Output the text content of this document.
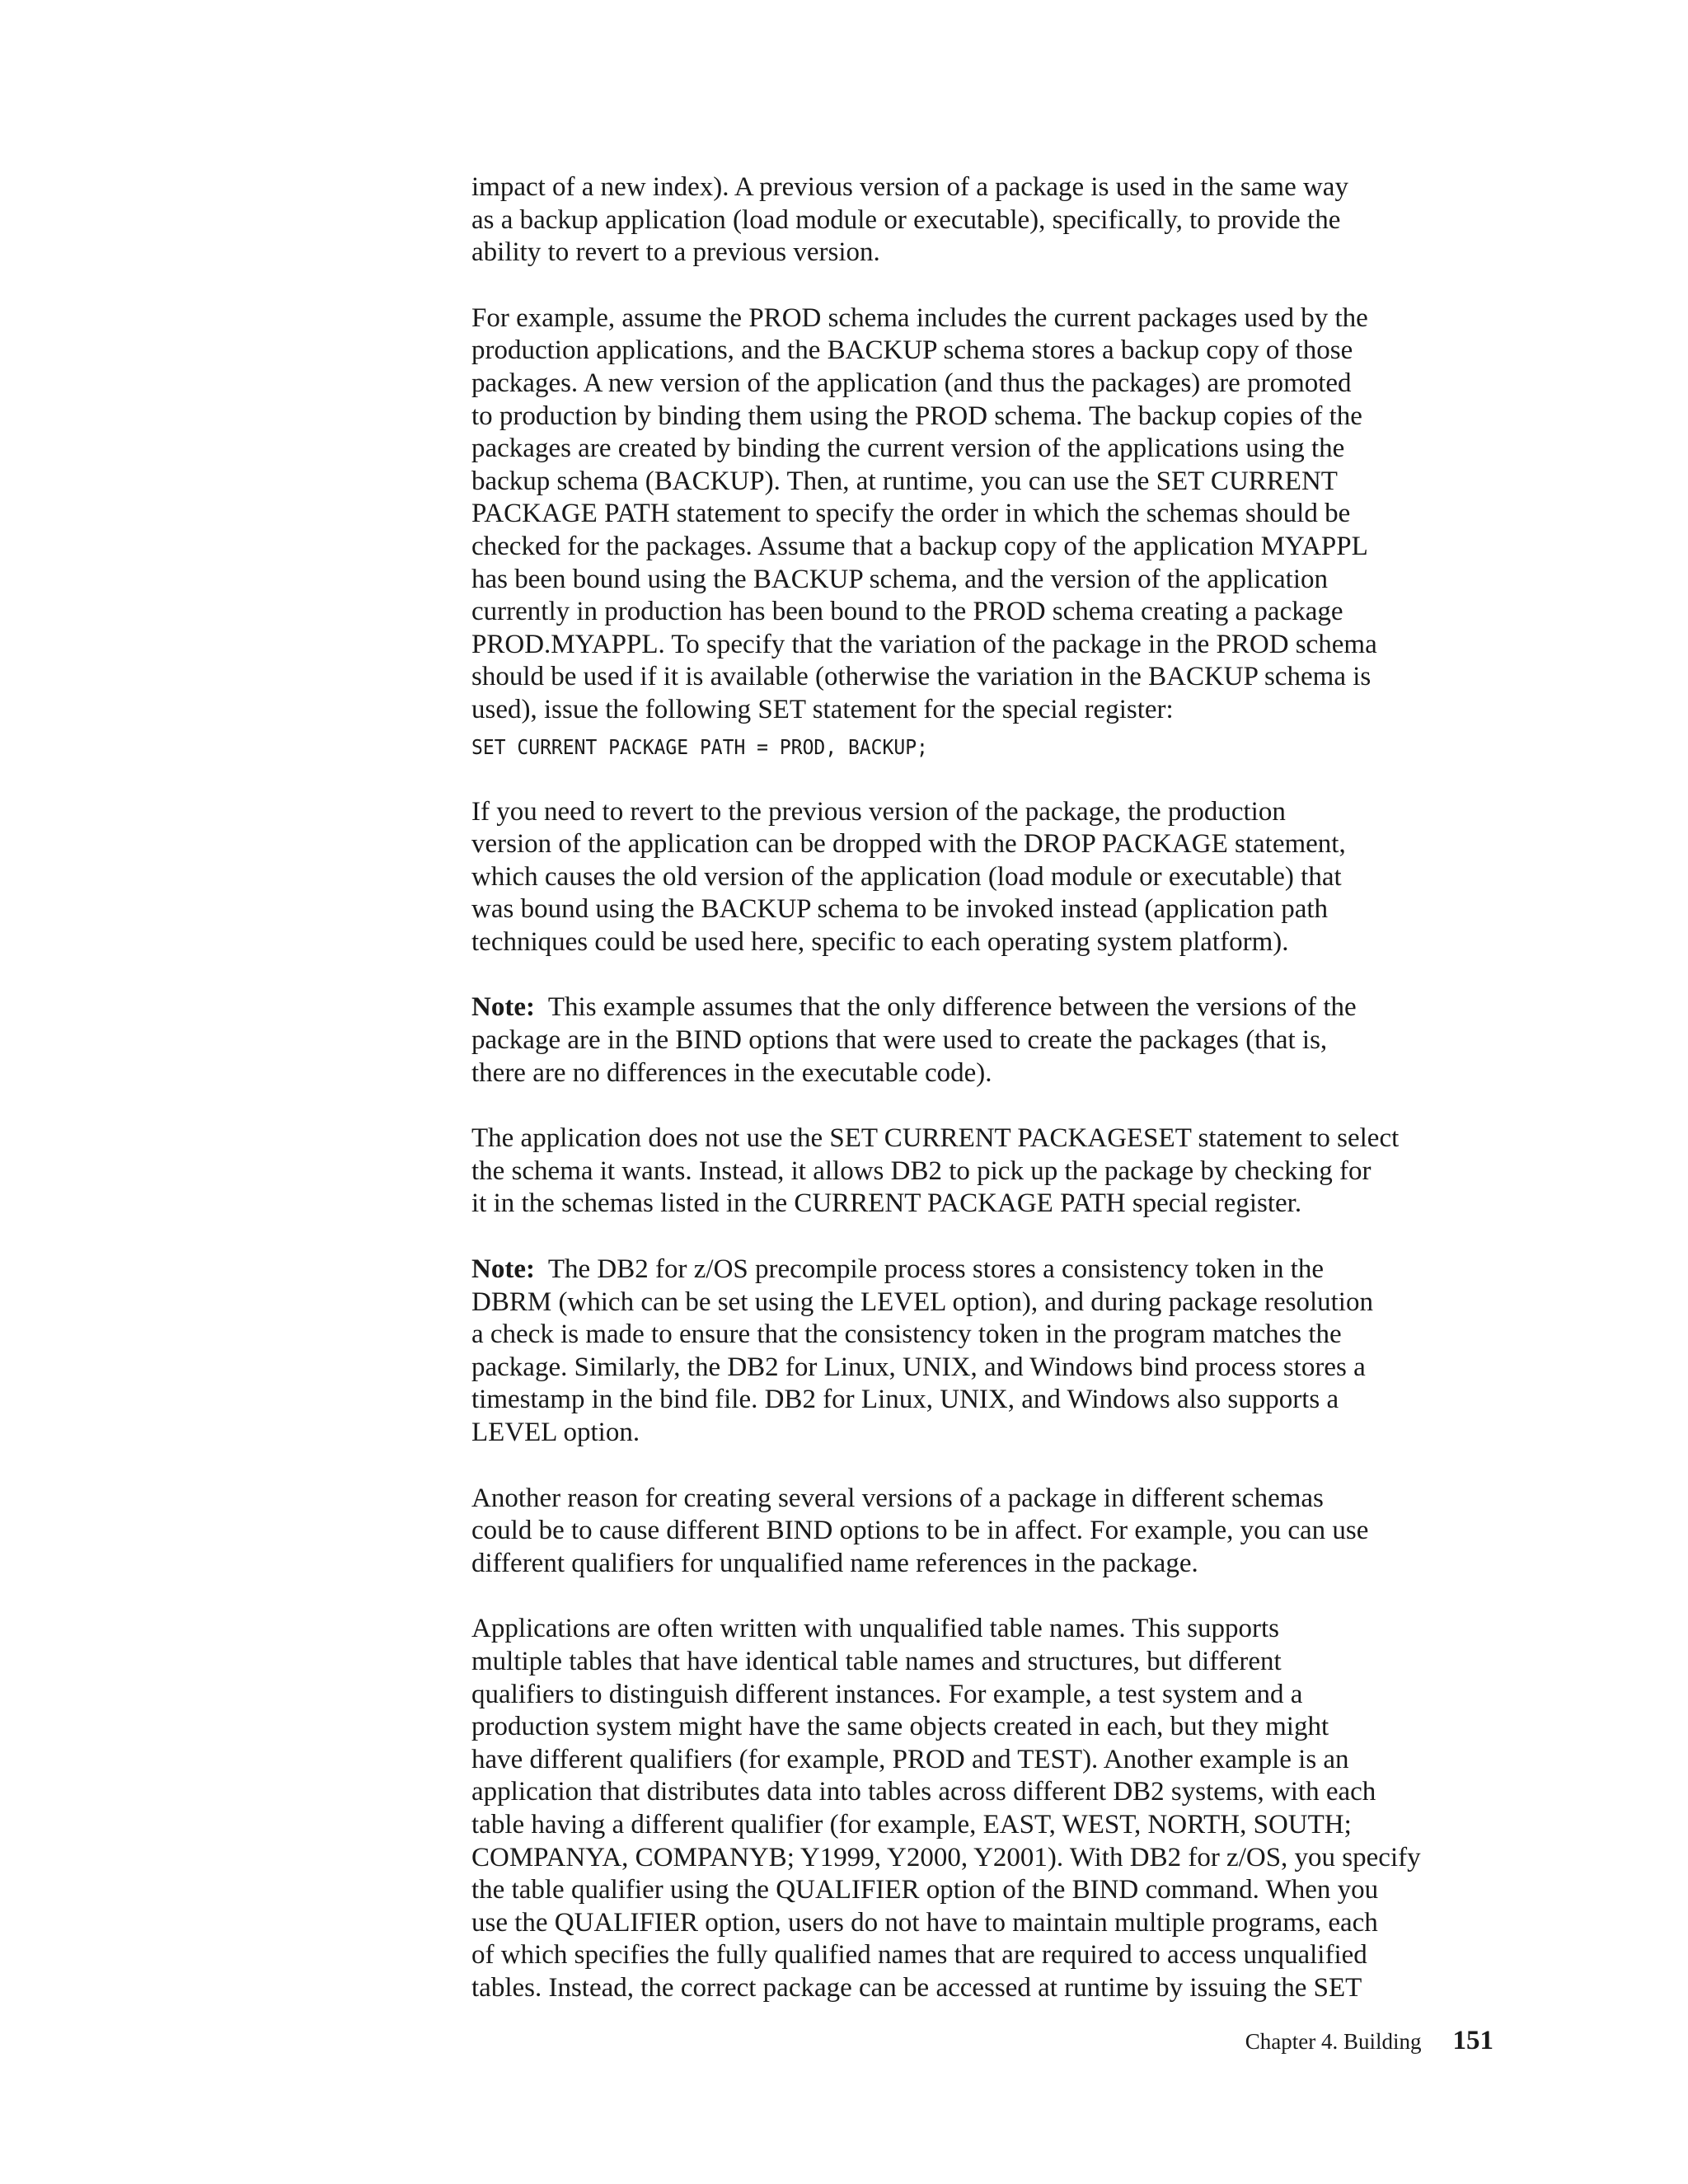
impact of a new index). A previous version of a package is used in the same way
as a backup application (load module or executable), specifically, to provide the
ability to revert to a previous version.

For example, assume the PROD schema includes the current packages used by the
production applications, and the BACKUP schema stores a backup copy of those
packages. A new version of the application (and thus the packages) are promoted
to production by binding them using the PROD schema. The backup copies of the
packages are created by binding the current version of the applications using the
backup schema (BACKUP). Then, at runtime, you can use the SET CURRENT
PACKAGE PATH statement to specify the order in which the schemas should be
checked for the packages. Assume that a backup copy of the application MYAPPL
has been bound using the BACKUP schema, and the version of the application
currently in production has been bound to the PROD schema creating a package
PROD.MYAPPL. To specify that the variation of the package in the PROD schema
should be used if it is available (otherwise the variation in the BACKUP schema is
used), issue the following SET statement for the special register:

SET CURRENT PACKAGE PATH = PROD, BACKUP;

If you need to revert to the previous version of the package, the production
version of the application can be dropped with the DROP PACKAGE statement,
which causes the old version of the application (load module or executable) that
was bound using the BACKUP schema to be invoked instead (application path
techniques could be used here, specific to each operating system platform).

Note: This example assumes that the only difference between the versions of the
package are in the BIND options that were used to create the packages (that is,
there are no differences in the executable code).

The application does not use the SET CURRENT PACKAGESET statement to select
the schema it wants. Instead, it allows DB2 to pick up the package by checking for
it in the schemas listed in the CURRENT PACKAGE PATH special register.

Note: The DB2 for z/OS precompile process stores a consistency token in the
DBRM (which can be set using the LEVEL option), and during package resolution
a check is made to ensure that the consistency token in the program matches the
package. Similarly, the DB2 for Linux, UNIX, and Windows bind process stores a
timestamp in the bind file. DB2 for Linux, UNIX, and Windows also supports a
LEVEL option.

Another reason for creating several versions of a package in different schemas
could be to cause different BIND options to be in affect. For example, you can use
different qualifiers for unqualified name references in the package.

Applications are often written with unqualified table names. This supports
multiple tables that have identical table names and structures, but different
qualifiers to distinguish different instances. For example, a test system and a
production system might have the same objects created in each, but they might
have different qualifiers (for example, PROD and TEST). Another example is an
application that distributes data into tables across different DB2 systems, with each
table having a different qualifier (for example, EAST, WEST, NORTH, SOUTH;
COMPANYA, COMPANYB; Y1999, Y2000, Y2001). With DB2 for z/OS, you specify
the table qualifier using the QUALIFIER option of the BIND command. When you
use the QUALIFIER option, users do not have to maintain multiple programs, each
of which specifies the fully qualified names that are required to access unqualified
tables. Instead, the correct package can be accessed at runtime by issuing the SET

Chapter 4. Building 151
